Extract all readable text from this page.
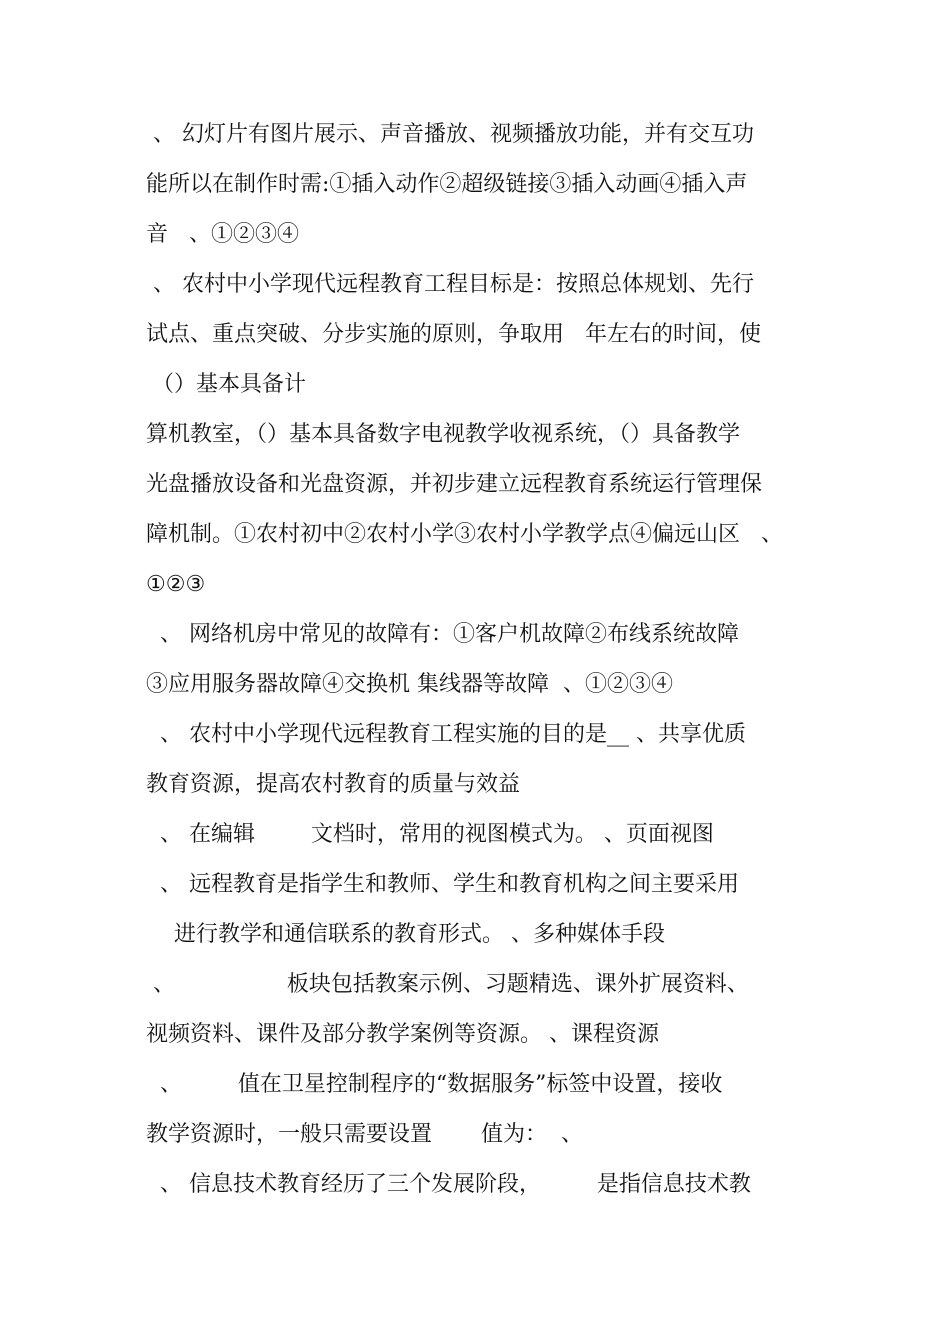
、 幻灯片有图片展示、声音播放、视频播放功能，并有交互功
能所以在制作时需:①插入动作②超级链接③插入动画④插入声
音   、①②③④
、 农村中小学现代远程教育工程目标是：按照总体规划、先行
试点、重点突破、分步实施的原则，争取用   年左右的时间，使
（）基本具备计
算机教室，（）基本具备数字电视教学收视系统，（）具备教学
光盘播放设备和光盘资源，并初步建立远程教育系统运行管理保
障机制。①农村初中②农村小学③农村小学教学点④偏远山区   、
①②③
、 网络机房中常见的故障有：①客户机故障②布线系统故障
③应用服务器故障④交换机 集线器等故障  、①②③④
、 农村中小学现代远程教育工程实施的目的是__ 、共享优质
教育资源，提高农村教育的质量与效益
、 在编辑        文档时，常用的视图模式为。 、页面视图
、 远程教育是指学生和教师、学生和教育机构之间主要采用
进行教学和通信联系的教育形式。 、多种媒体手段
、                板块包括教案示例、习题精选、课外扩展资料、
视频资料、课件及部分教学案例等资源。 、课程资源
、        值在卫星控制程序的“数据服务”标签中设置，接收
教学资源时，一般只需要设置       值为：  、
、 信息技术教育经历了三个发展阶段，        是指信息技术教
